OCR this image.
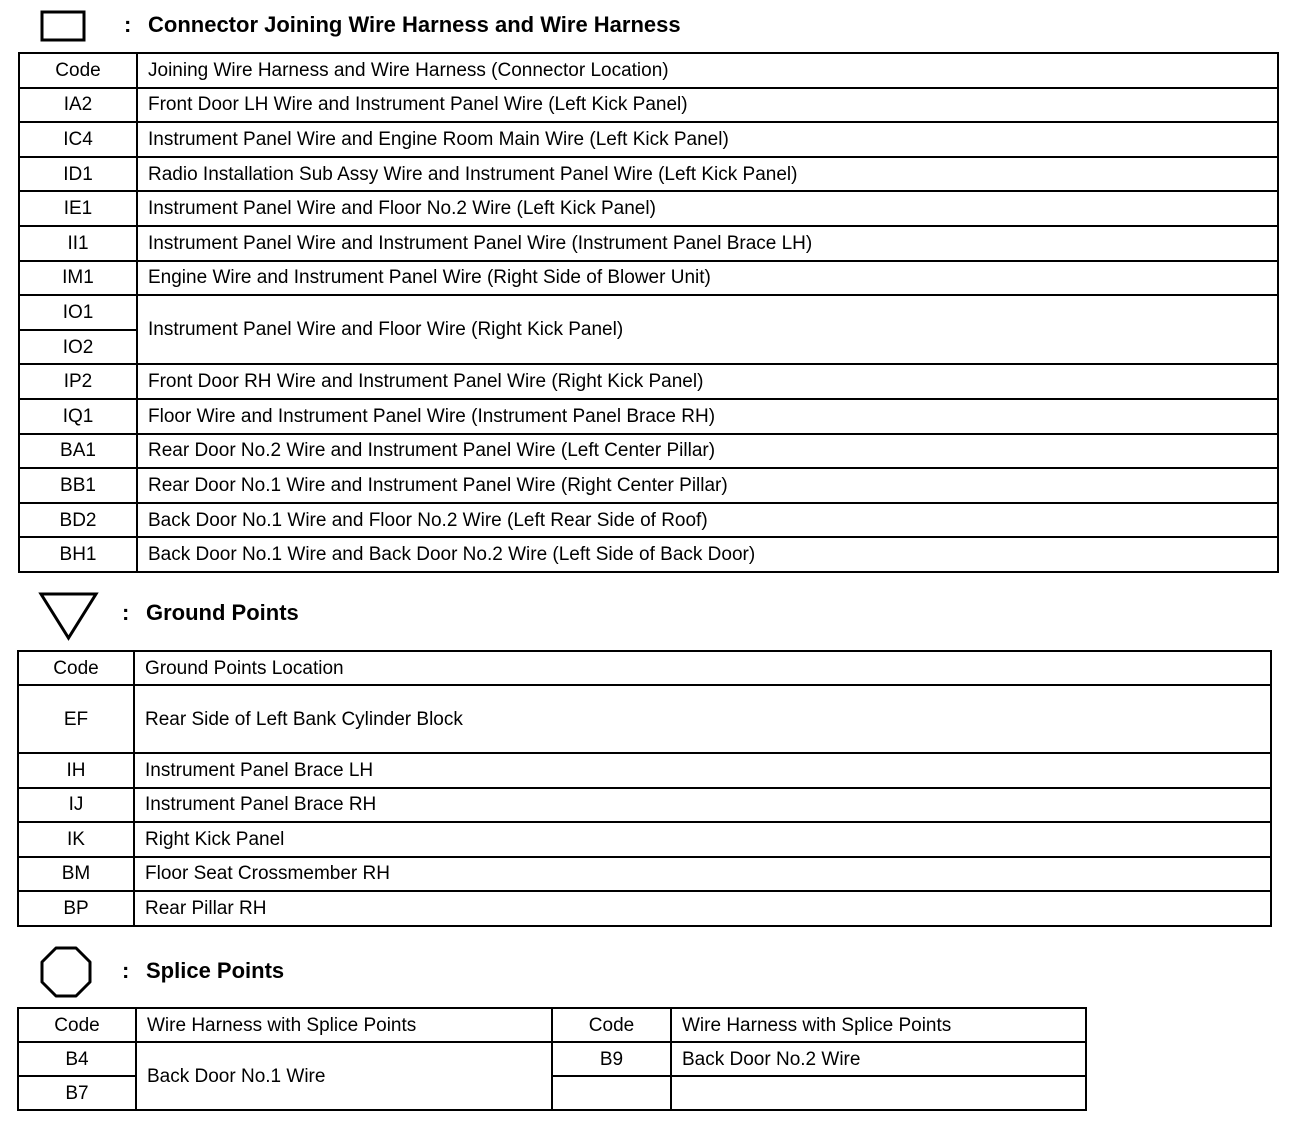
: Connector Joining Wire Harness and Wire Harness
Code	Joining Wire Harness and Wire Harness (Connector Location)
IA2	Front Door LH Wire and Instrument Panel Wire (Left Kick Panel)
IC4	Instrument Panel Wire and Engine Room Main Wire (Left Kick Panel)
ID1	Radio Installation Sub Assy Wire and Instrument Panel Wire (Left Kick Panel)
IE1	Instrument Panel Wire and Floor No.2 Wire (Left Kick Panel)
II1	Instrument Panel Wire and Instrument Panel Wire (Instrument Panel Brace LH)
IM1	Engine Wire and Instrument Panel Wire (Right Side of Blower Unit)
IO1	Instrument Panel Wire and Floor Wire (Right Kick Panel)
IO2	
IP2	Front Door RH Wire and Instrument Panel Wire (Right Kick Panel)
IQ1	Floor Wire and Instrument Panel Wire (Instrument Panel Brace RH)
BA1	Rear Door No.2 Wire and Instrument Panel Wire (Left Center Pillar)
BB1	Rear Door No.1 Wire and Instrument Panel Wire (Right Center Pillar)
BD2	Back Door No.1 Wire and Floor No.2 Wire (Left Rear Side of Roof)
BH1	Back Door No.1 Wire and Back Door No.2 Wire (Left Side of Back Door)
: Ground Points
Code	Ground Points Location
EF	Rear Side of Left Bank Cylinder Block
IH	Instrument Panel Brace LH
IJ	Instrument Panel Brace RH
IK	Right Kick Panel
BM	Floor Seat Crossmember RH
BP	Rear Pillar RH
: Splice Points
Code	Wire Harness with Splice Points	Code	Wire Harness with Splice Points
B4	Back Door No.1 Wire	B9	Back Door No.2 Wire
B7			
